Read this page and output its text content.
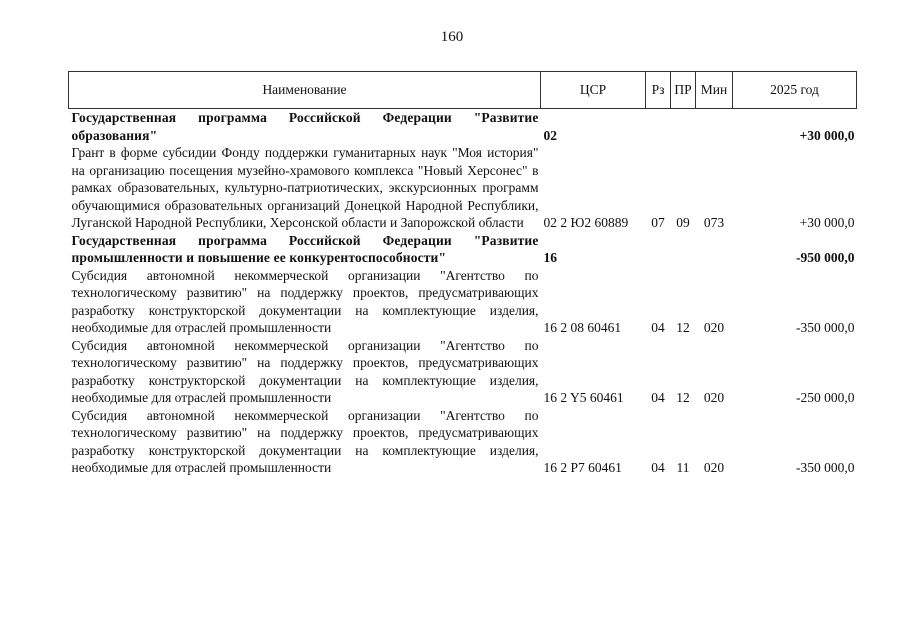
160
Наименование	ЦСР	Рз	ПР	Мин	2025 год
Государственная программа Российской Федерации "Развитие образования"	02				+30 000,0
Грант в форме субсидии Фонду поддержки гуманитарных наук "Моя история" на организацию посещения музейно-храмового комплекса "Новый Херсонес" в рамках образовательных, культурно-патриотических, экскурсионных программ обучающимися образовательных организаций Донецкой Народной Республики, Луганской Народной Республики, Херсонской области и Запорожской области	02 2 Ю2 60889	07	09	073	+30 000,0
Государственная программа Российской Федерации "Развитие промышленности и повышение ее конкурентоспособности"	16				-950 000,0
Субсидия автономной некоммерческой организации "Агентство по технологическому развитию" на поддержку проектов, предусматривающих разработку конструкторской документации на комплектующие изделия, необходимые для отраслей промышленности	16 2 08 60461	04	12	020	-350 000,0
Субсидия автономной некоммерческой организации "Агентство по технологическому развитию" на поддержку проектов, предусматривающих разработку конструкторской документации на комплектующие изделия, необходимые для отраслей промышленности	16 2 Y5 60461	04	12	020	-250 000,0
Субсидия автономной некоммерческой организации "Агентство по технологическому развитию" на поддержку проектов, предусматривающих разработку конструкторской документации на комплектующие изделия, необходимые для отраслей промышленности	16 2 P7 60461	04	11	020	-350 000,0
